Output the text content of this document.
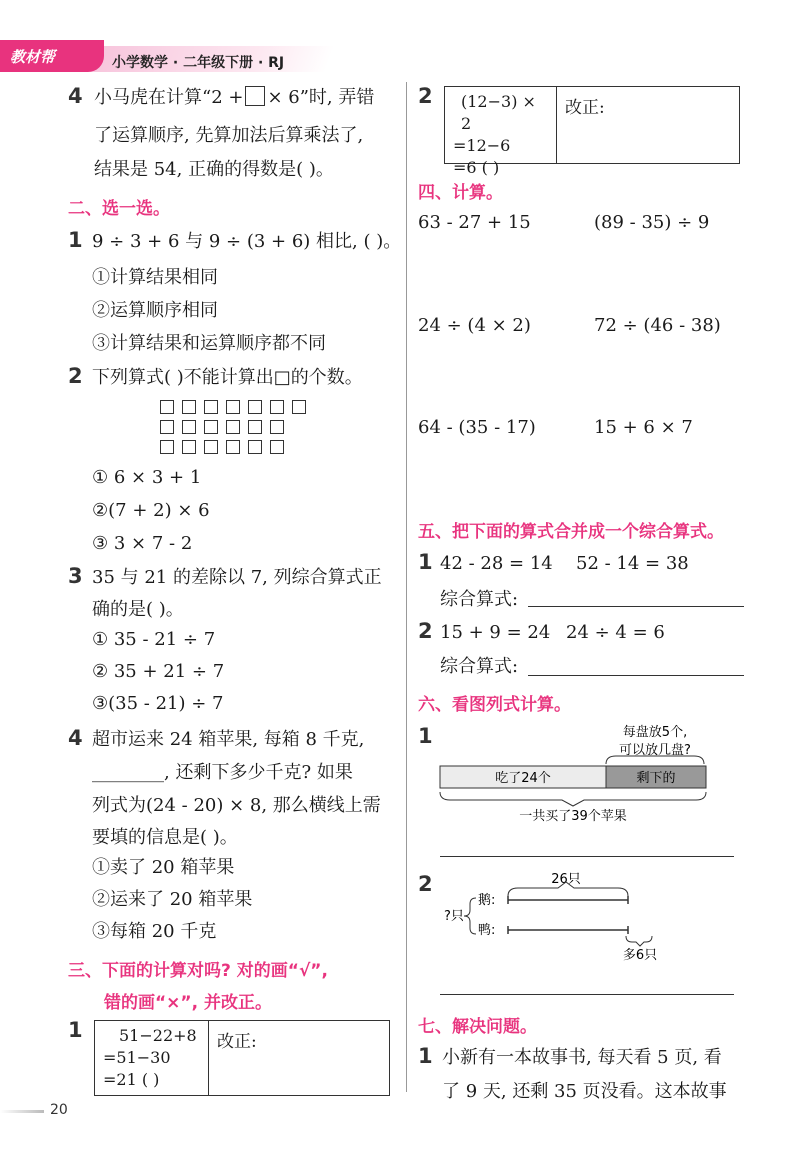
教材帮	小学数学 · 二年级下册 · RJ
4 小马虎在计算“2 + × 6”时, 弄错
了运算顺序, 先算加法后算乘法了,
结果是 54, 正确的得数是( )。
二、选一选。
1 9 ÷ 3 + 6 与 9 ÷ (3 + 6) 相比, ( )。
①计算结果相同
②运算顺序相同
③计算结果和运算顺序都不同
2 下列算式( )不能计算出□的个数。
① 6 × 3 + 1
②(7 + 2) × 6
③ 3 × 7 - 2
3 35 与 21 的差除以 7, 列综合算式正
确的是( )。
① 35 - 21 ÷ 7
② 35 + 21 ÷ 7
③(35 - 21) ÷ 7
4 超市运来 24 箱苹果, 每箱 8 千克,
________, 还剩下多少千克? 如果
列式为(24 - 20) × 8, 那么横线上需
要填的信息是( )。
①卖了 20 箱苹果
②运来了 20 箱苹果
③每箱 20 千克
三、下面的计算对吗? 对的画“√”,
错的画“×”, 并改正。
1	51−22+8
=51−30
=21 ( )
改正:
2	(12−3) × 2
=12−6
=6 ( )
改正:
四、计算。
63 - 27 + 15	(89 - 35) ÷ 9
24 ÷ (4 × 2)	72 ÷ (46 - 38)
64 - (35 - 17)	15 + 6 × 7
五、把下面的算式合并成一个综合算式。
1 42 - 28 = 14 52 - 14 = 38
综合算式:
2 15 + 9 = 24 24 ÷ 4 = 6
综合算式:
六、看图列式计算。
1	每盘放5个,
可以放几盘?
吃了24个	剩下的
一共买了39个苹果
2	26只
?只
鹅:
鸭:
多6只
七、解决问题。
1 小新有一本故事书, 每天看 5 页, 看
了 9 天, 还剩 35 页没看。这本故事
20
